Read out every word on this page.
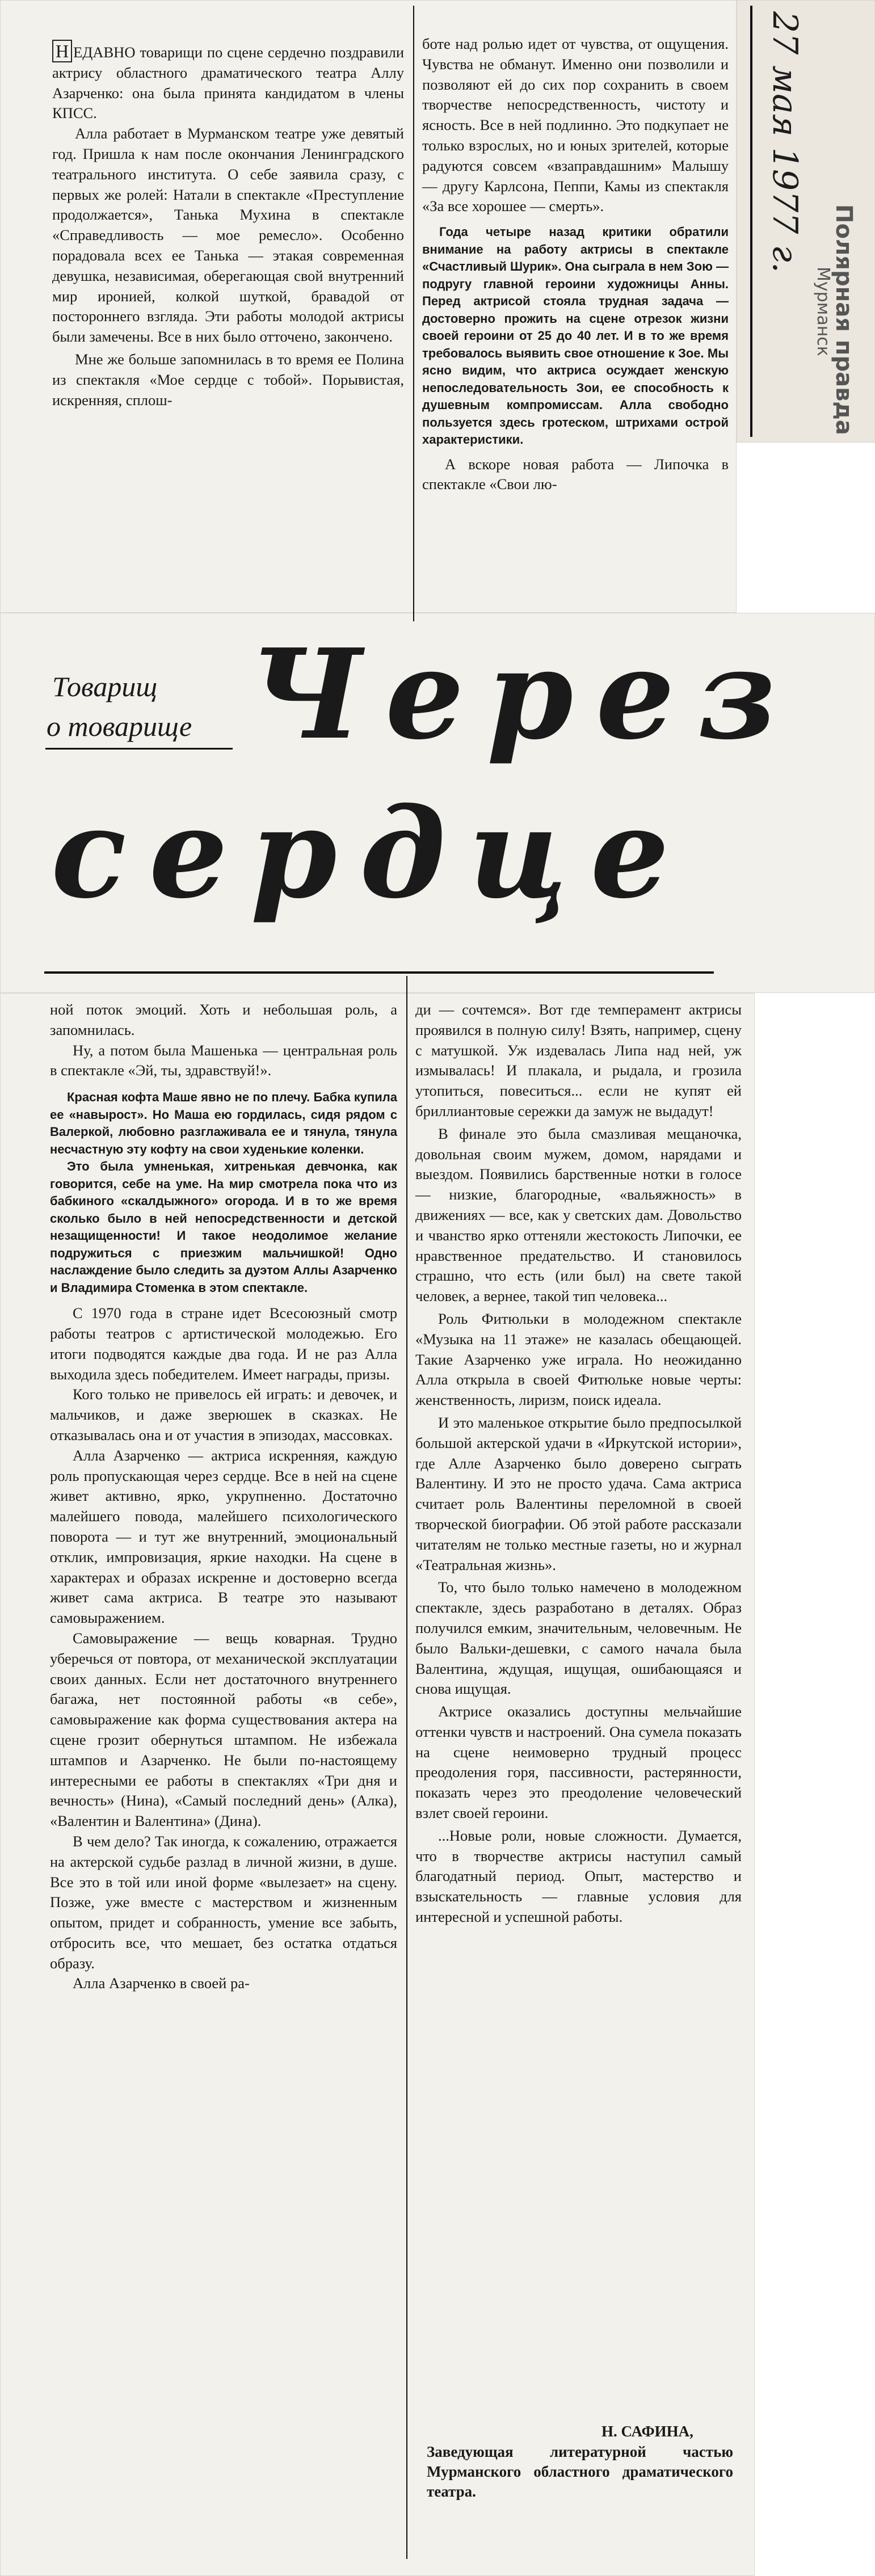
27 мая 1977 г.
Полярная правда
Мурманск

Н ЕДАВНО товарищи по сцене сердечно поздравили актрису областного драматического театра Аллу Азарченко: она была принята кандидатом в члены КПСС.

Алла работает в Мурманском театре уже девятый год. Пришла к нам после окончания Ленинградского театрального института. О себе заявила сразу, с первых же ролей: Натали в спектакле «Преступление продолжается», Танька Мухина в спектакле «Справедливость — мое ремесло». Особенно порадовала всех ее Танька — этакая современная девушка, независимая, оберегающая свой внутренний мир иронией, колкой шуткой, бравадой от постороннего взгляда. Эти работы молодой актрисы были замечены. Все в них было отточено, закончено.

Мне же больше запомнилась в то время ее Полина из спектакля «Мое сердце с тобой». Порывистая, искренняя, сплош-

боте над ролью идет от чувства, от ощущения. Чувства не обманут. Именно они позволили и позволяют ей до сих пор сохранить в своем творчестве непосредственность, чистоту и ясность. Все в ней подлинно. Это подкупает не только взрослых, но и юных зрителей, которые радуются совсем «взаправдашним» Малышу — другу Карлсона, Пеппи, Камы из спектакля «За все хорошее — смерть».

Года четыре назад критики обратили внимание на работу актрисы в спектакле «Счастливый Шурик». Она сыграла в нем Зою — подругу главной героини художницы Анны. Перед актрисой стояла трудная задача — достоверно прожить на сцене отрезок жизни своей героини от 25 до 40 лет. И в то же время требовалось выявить свое отношение к Зое. Мы ясно видим, что актриса осуждает женскую непоследовательность Зои, ее способность к душевным компромиссам. Алла свободно пользуется здесь гротеском, штрихами острой характеристики.

А вскоре новая работа — Липочка в спектакле «Свои лю-

Товарищ
о товарище Через
сердце

ной поток эмоций. Хоть и небольшая роль, а запомнилась.

Ну, а потом была Машенька — центральная роль в спектакле «Эй, ты, здравствуй!».

Красная кофта Маше явно не по плечу. Бабка купила ее «навырост». Но Маша ею гордилась, сидя рядом с Валеркой, любовно разглаживала ее и тянула, тянула несчастную эту кофту на свои худенькие коленки.

Это была умненькая, хитренькая девчонка, как говорится, себе на уме. На мир смотрела пока что из бабкиного «скалдыжного» огорода. И в то же время сколько было в ней непосредственности и детской незащищенности! И такое неодолимое желание подружиться с приезжим мальчишкой! Одно наслаждение было следить за дуэтом Аллы Азарченко и Владимира Стоменка в этом спектакле.

С 1970 года в стране идет Всесоюзный смотр работы театров с артистической молодежью. Его итоги подводятся каждые два года. И не раз Алла выходила здесь победителем. Имеет награды, призы.

Кого только не привелось ей играть: и девочек, и мальчиков, и даже зверюшек в сказках. Не отказывалась она и от участия в эпизодах, массовках.

Алла Азарченко — актриса искренняя, каждую роль пропускающая через сердце. Все в ней на сцене живет активно, ярко, укрупненно. Достаточно малейшего повода, малейшего психологического поворота — и тут же внутренний, эмоциональный отклик, импровизация, яркие находки. На сцене в характерах и образах искренне и достоверно всегда живет сама актриса. В театре это называют самовыражением.

Самовыражение — вещь коварная. Трудно уберечься от повтора, от механической эксплуатации своих данных. Если нет достаточного внутреннего багажа, нет постоянной работы «в себе», самовыражение как форма существования актера на сцене грозит обернуться штампом. Не избежала штампов и Азарченко. Не были по-настоящему интересными ее работы в спектаклях «Три дня и вечность» (Нина), «Самый последний день» (Алка), «Валентин и Валентина» (Дина).

В чем дело? Так иногда, к сожалению, отражается на актерской судьбе разлад в личной жизни, в душе. Все это в той или иной форме «вылезает» на сцену. Позже, уже вместе с мастерством и жизненным опытом, придет и собранность, умение все забыть, отбросить все, что мешает, без остатка отдаться образу.

Алла Азарченко в своей ра-

ди — сочтемся». Вот где темперамент актрисы проявился в полную силу! Взять, например, сцену с матушкой. Уж издевалась Липа над ней, уж измывалась! И плакала, и рыдала, и грозила утопиться, повеситься... если не купят ей бриллиантовые сережки да замуж не выдадут!

В финале это была смазливая мещаночка, довольная своим мужем, домом, нарядами и выездом. Появились барственные нотки в голосе — низкие, благородные, «вальяжность» в движениях — все, как у светских дам. Довольство и чванство ярко оттеняли жестокость Липочки, ее нравственное предательство. И становилось страшно, что есть (или был) на свете такой человек, а вернее, такой тип человека...

Роль Фитюльки в молодежном спектакле «Музыка на 11 этаже» не казалась обещающей. Такие Азарченко уже играла. Но неожиданно Алла открыла в своей Фитюльке новые черты: женственность, лиризм, поиск идеала.

И это маленькое открытие было предпосылкой большой актерской удачи в «Иркутской истории», где Алле Азарченко было доверено сыграть Валентину. И это не просто удача. Сама актриса считает роль Валентины переломной в своей творческой биографии. Об этой работе рассказали читателям не только местные газеты, но и журнал «Театральная жизнь».

То, что было только намечено в молодежном спектакле, здесь разработано в деталях. Образ получился емким, значительным, человечным. Не было Вальки-дешевки, с самого начала была Валентина, ждущая, ищущая, ошибающаяся и снова ищущая.

Актрисе оказались доступны мельчайшие оттенки чувств и настроений. Она сумела показать на сцене неимоверно трудный процесс преодоления горя, пассивности, растерянности, показать через это преодоление человеческий взлет своей героини.

...Новые роли, новые сложности. Думается, что в творчестве актрисы наступил самый благодатный период. Опыт, мастерство и взыскательность — главные условия для интересной и успешной работы.

Н. САФИНА,
Заведующая литературной частью Мурманского областного драматического театра.
